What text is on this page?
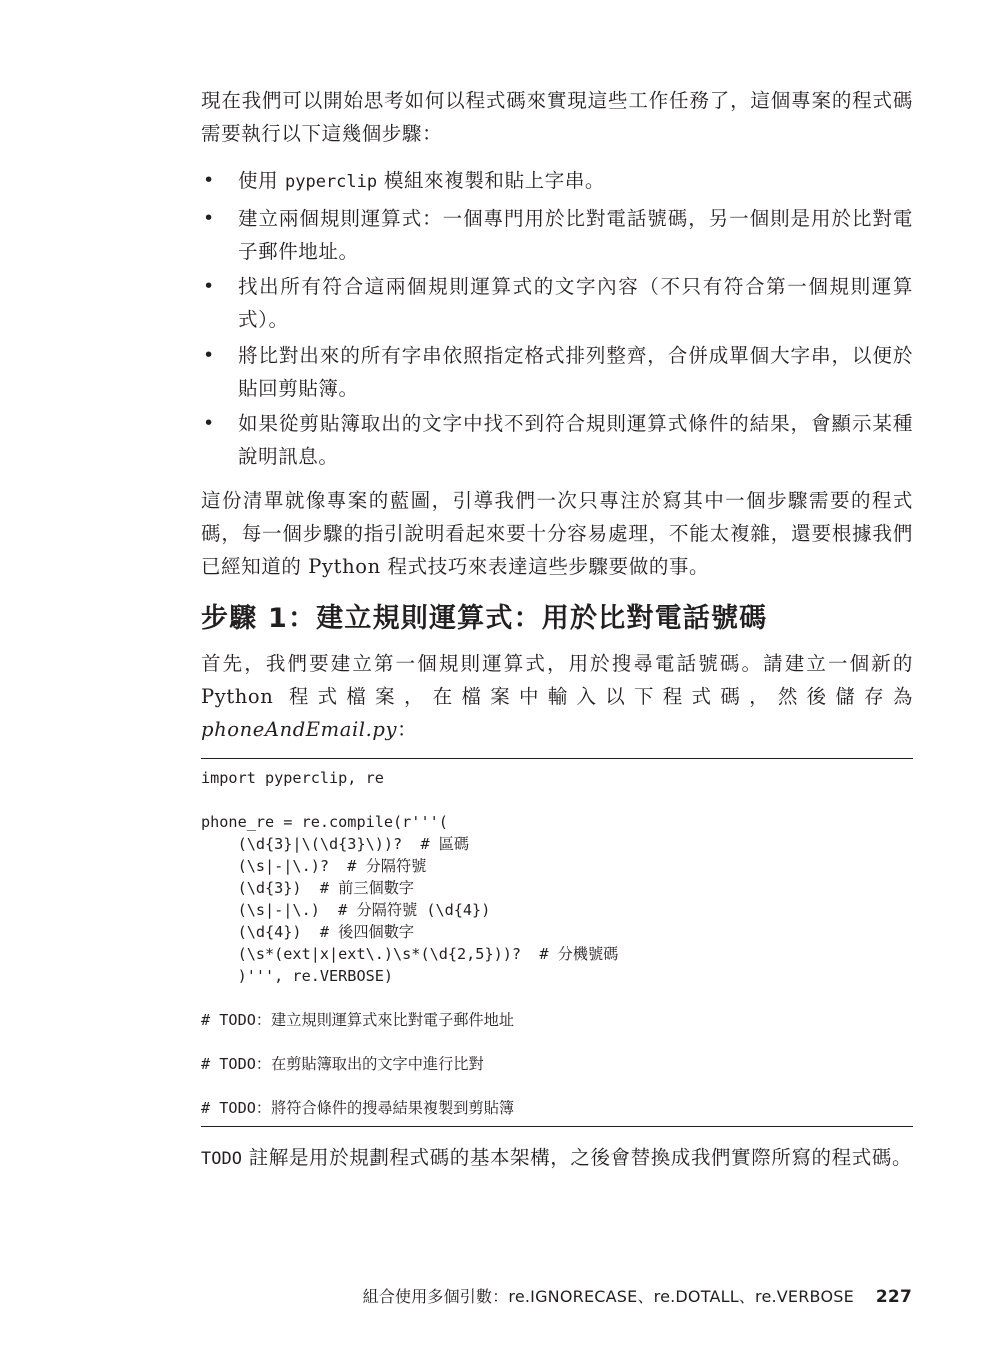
現在我們可以開始思考如何以程式碼來實現這些工作任務了，這個專案的程式碼需要執行以下這幾個步驟：

• 使用 pyperclip 模組來複製和貼上字串。
• 建立兩個規則運算式：一個專門用於比對電話號碼，另一個則是用於比對電子郵件地址。
• 找出所有符合這兩個規則運算式的文字內容（不只有符合第一個規則運算式）。
• 將比對出來的所有字串依照指定格式排列整齊，合併成單個大字串，以便於貼回剪貼簿。
• 如果從剪貼簿取出的文字中找不到符合規則運算式條件的結果，會顯示某種說明訊息。

這份清單就像專案的藍圖，引導我們一次只專注於寫其中一個步驟需要的程式碼，每一個步驟的指引說明看起來要十分容易處理，不能太複雜，還要根據我們已經知道的 Python 程式技巧來表達這些步驟要做的事。

步驟 1：建立規則運算式：用於比對電話號碼

首先，我們要建立第一個規則運算式，用於搜尋電話號碼。請建立一個新的 Python 程式檔案，在檔案中輸入以下程式碼，然後儲存為 phoneAndEmail.py：

import pyperclip, re
phone_re = re.compile(r'''(
(\d{3}|\(\d{3}\))?  # 區碼
(\s|-|\.)?  # 分隔符號
(\d{3})  # 前三個數字
(\s|-|\.)  # 分隔符號 (\d{4})
(\d{4})  # 後四個數字
(\s*(ext|x|ext\.)\s*(\d{2,5}))?  # 分機號碼
)''', re.VERBOSE)
# TODO：建立規則運算式來比對電子郵件地址
# TODO：在剪貼簿取出的文字中進行比對
# TODO：將符合條件的搜尋結果複製到剪貼簿

TODO 註解是用於規劃程式碼的基本架構，之後會替換成我們實際所寫的程式碼。

組合使用多個引數：re.IGNORECASE、re.DOTALL、re.VERBOSE 227
